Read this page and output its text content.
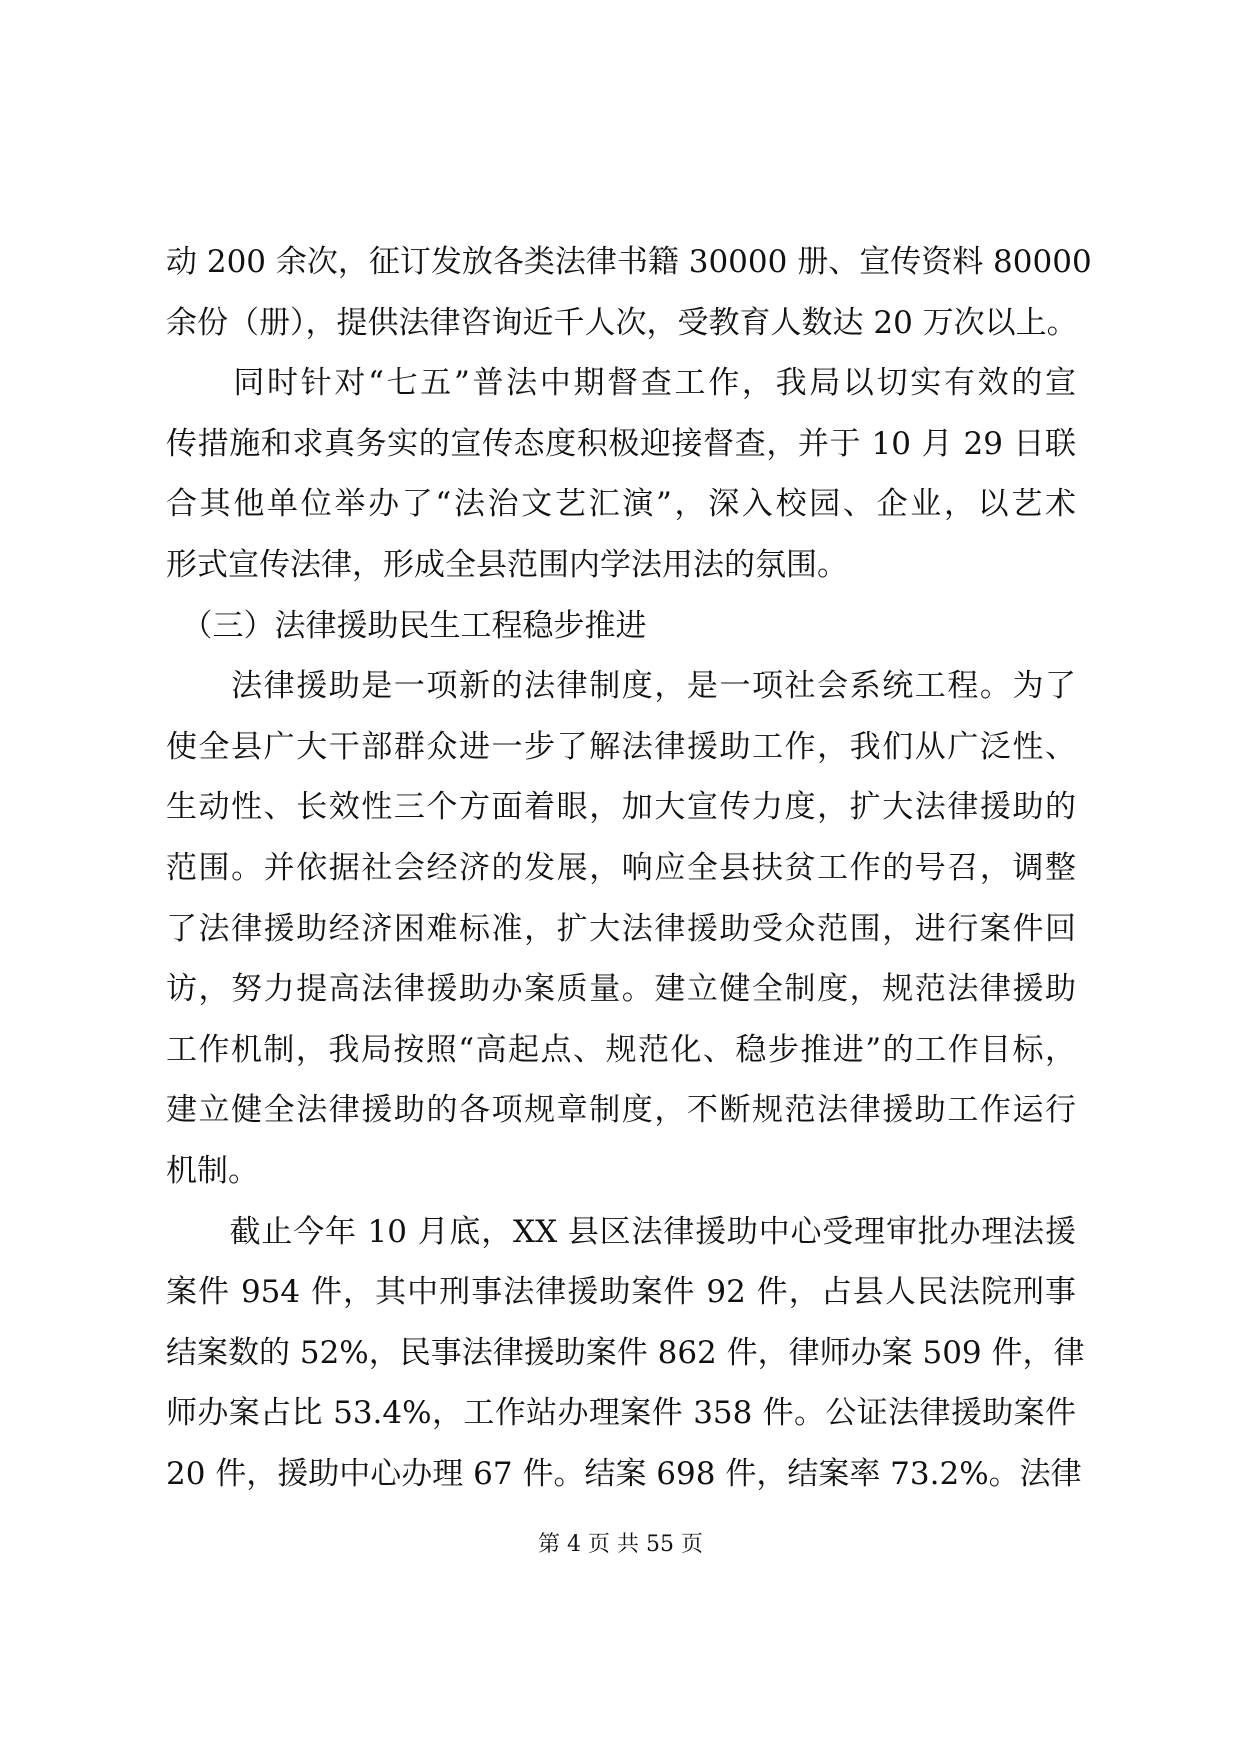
动 200 余次，征订发放各类法律书籍 30000 册、宣传资料 80000
余份（册），提供法律咨询近千人次，受教育人数达 20 万次以上。
　　同时针对“七五”普法中期督查工作，我局以切实有效的宣
传措施和求真务实的宣传态度积极迎接督查，并于 10 月 29 日联
合其他单位举办了“法治文艺汇演”，深入校园、企业，以艺术
形式宣传法律，形成全县范围内学法用法的氛围。
　（三）法律援助民生工程稳步推进
　　法律援助是一项新的法律制度，是一项社会系统工程。为了
使全县广大干部群众进一步了解法律援助工作，我们从广泛性、
生动性、长效性三个方面着眼，加大宣传力度，扩大法律援助的
范围。并依据社会经济的发展，响应全县扶贫工作的号召，调整
了法律援助经济困难标准，扩大法律援助受众范围，进行案件回
访，努力提高法律援助办案质量。建立健全制度，规范法律援助
工作机制，我局按照“高起点、规范化、稳步推进”的工作目标，
建立健全法律援助的各项规章制度，不断规范法律援助工作运行
机制。
　　截止今年 10 月底，XX 县区法律援助中心受理审批办理法援
案件 954 件，其中刑事法律援助案件 92 件，占县人民法院刑事
结案数的 52%，民事法律援助案件 862 件，律师办案 509 件，律
师办案占比 53.4%，工作站办理案件 358 件。公证法律援助案件
20 件，援助中心办理 67 件。结案 698 件，结案率 73.2%。法律
第 4 页 共 55 页
